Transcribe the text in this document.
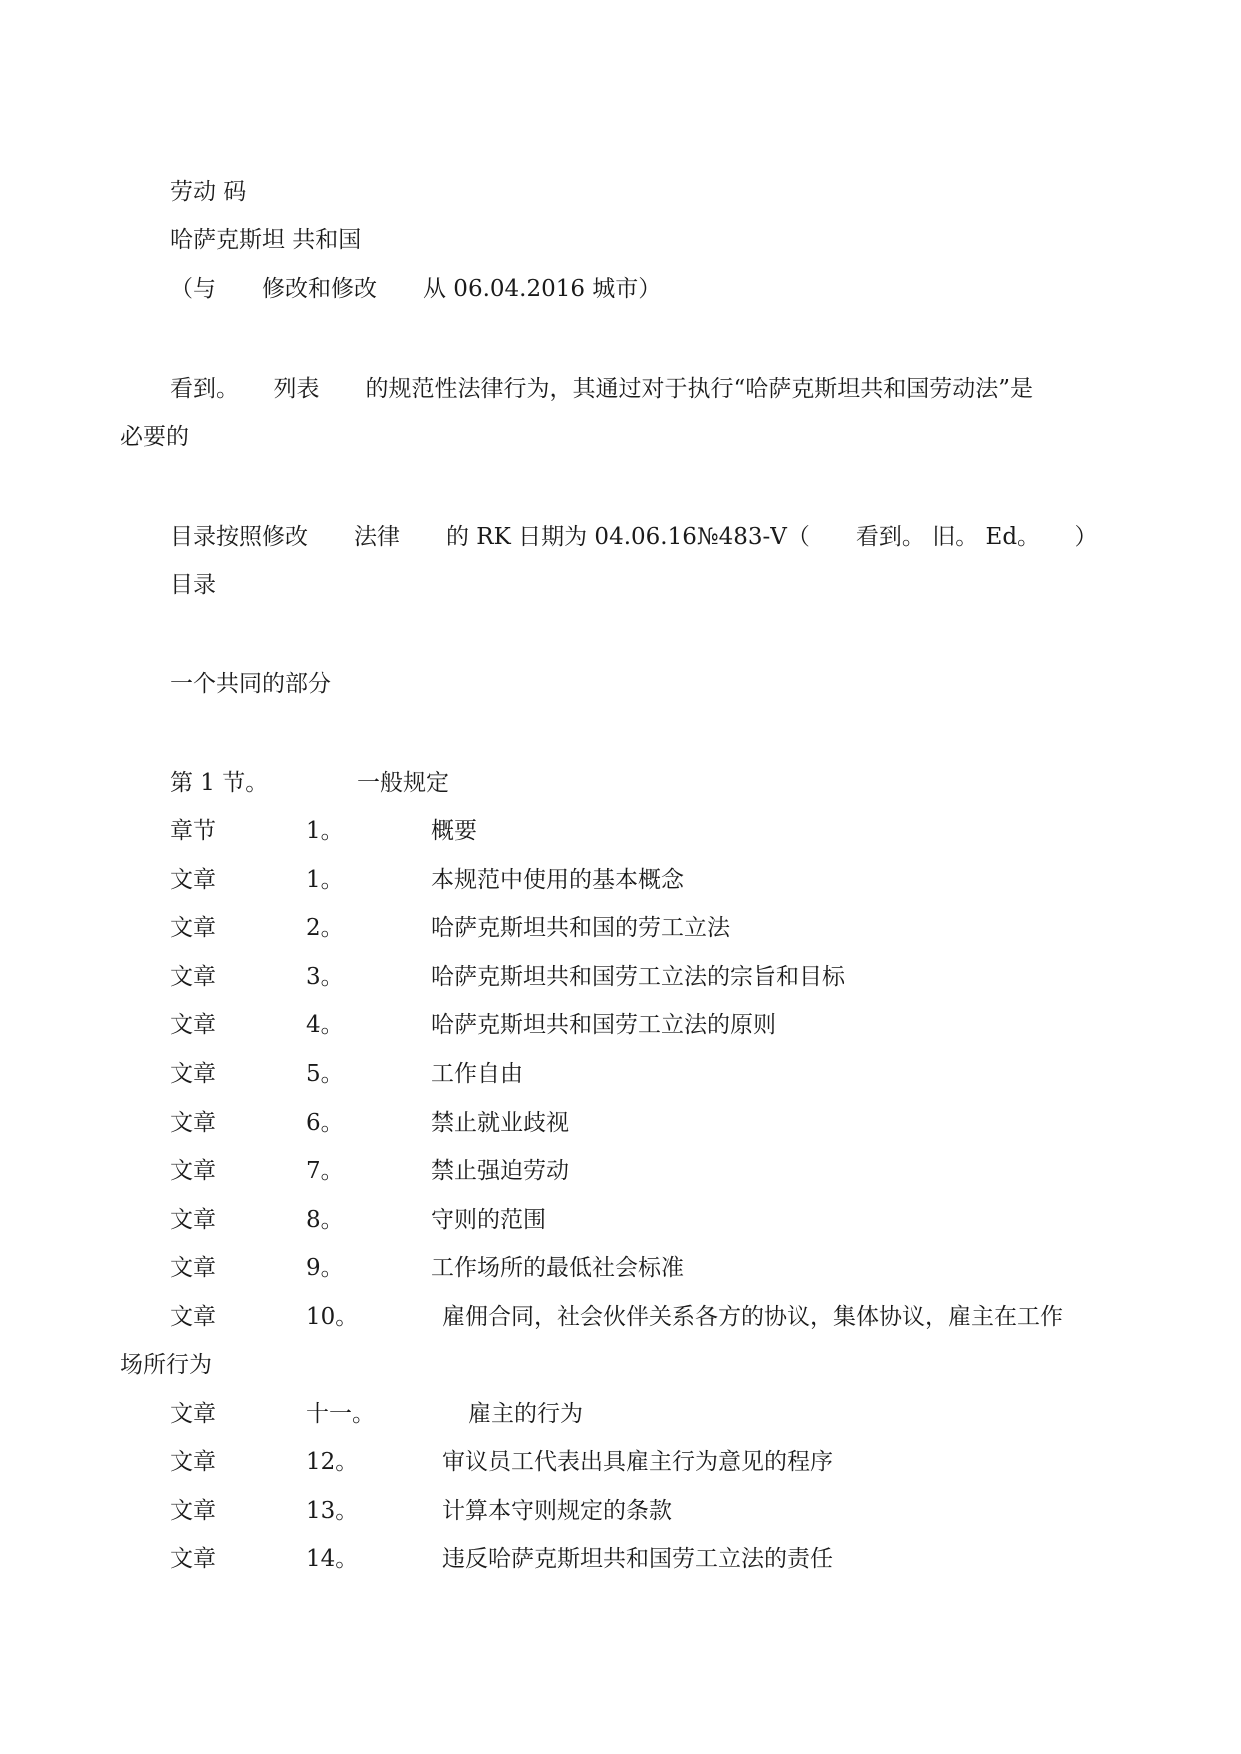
劳动 码
哈萨克斯坦 共和国
（与　　修改和修改　　从 06.04.2016 城市）
看到。　　列表　　的规范性法律行为，其通过对于执行“哈萨克斯坦共和国劳动法”是
必要的
目录按照修改　　法律　　的 RK 日期为 04.06.16№483-V（　　看到。 旧。 Ed。　　）
目录
一个共同的部分
第 1 节。	一般规定
章节	1。	概要
文章	1。	本规范中使用的基本概念
文章	2。	哈萨克斯坦共和国的劳工立法
文章	3。	哈萨克斯坦共和国劳工立法的宗旨和目标
文章	4。	哈萨克斯坦共和国劳工立法的原则
文章	5。	工作自由
文章	6。	禁止就业歧视
文章	7。	禁止强迫劳动
文章	8。	守则的范围
文章	9。	工作场所的最低社会标准
文章	10。	雇佣合同，社会伙伴关系各方的协议，集体协议，雇主在工作
场所行为
文章	十一。	雇主的行为
文章	12。	审议员工代表出具雇主行为意见的程序
文章	13。	计算本守则规定的条款
文章	14。	违反哈萨克斯坦共和国劳工立法的责任
